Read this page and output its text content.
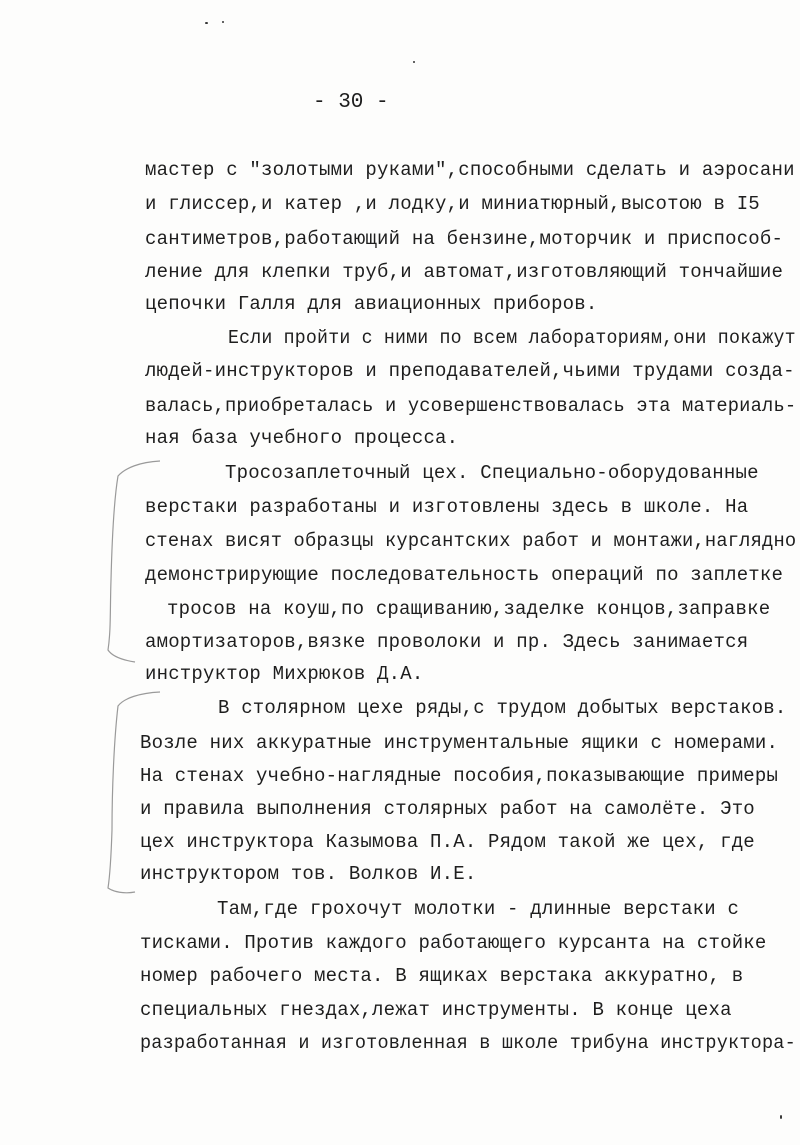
- 30 -
мастер с "золотыми руками",способными сделать и аэросани
и глиссер,и катер ,и лодку,и миниатюрный,высотою в I5
сантиметров,работающий на бензине,моторчик и приспособ-
ление для клепки труб,и автомат,изготовляющий тончайшие
цепочки Галля для авиационных приборов.
Если пройти с ними по всем лабораториям,они покажут
людей-инструкторов и преподавателей,чьими трудами созда-
валась,приобреталась и усовершенствовалась эта материаль-
ная база учебного процесса.
Тросозаплеточный цех. Специально-оборудованные
верстаки разработаны и изготовлены здесь в школе. На
стенах висят образцы курсантских работ и монтажи,наглядно
демонстрирующие последовательность операций по заплетке
тросов на коуш,по сращиванию,заделке концов,заправке
амортизаторов,вязке проволоки и пр. Здесь занимается
инструктор Михрюков Д.А.
В столярном цехе ряды,с трудом добытых верстаков.
Возле них аккуратные инструментальные ящики с номерами.
На стенах учебно-наглядные пособия,показывающие примеры
и правила выполнения столярных работ на самолёте. Это
цех инструктора Казымова П.А. Рядом такой же цех, где
инструктором тов. Волков И.Е.
Там,где грохочут молотки - длинные верстаки с
тисками. Против каждого работающего курсанта на стойке
номер рабочего места. В ящиках верстака аккуратно, в
специальных гнездах,лежат инструменты. В конце цеха
разработанная и изготовленная в школе трибуна инструктора-
